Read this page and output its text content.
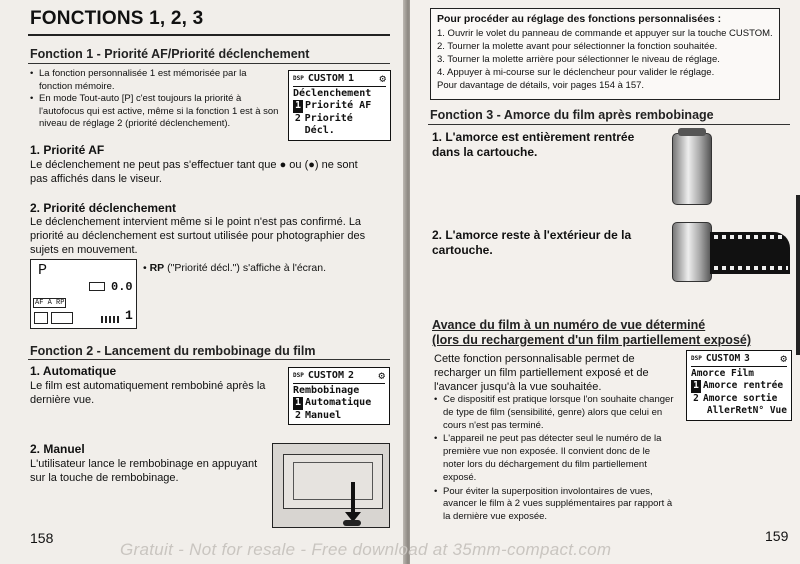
FONCTIONS 1, 2, 3
Fonction 1 - Priorité AF/Priorité déclenchement
• La fonction personnalisée 1 est mémorisée par la fonction mémoire.
• En mode Tout-auto [P] c'est toujours la priorité à l'autofocus qui est active, même si la fonction 1 est à son niveau de réglage 2 (priorité déclenchement).
DSP CUSTOM 1 ⚙
Déclenchement
1 Priorité AF
2 Priorité Décl.
1. Priorité AF
Le déclenchement ne peut pas s'effectuer tant que ● ou (●) ne sont pas affichés dans le viseur.
2. Priorité déclenchement
Le déclenchement intervient même si le point n'est pas confirmé. La priorité au déclenchement est surtout utilisée pour photographier des sujets en mouvement.
P
0.0
AF A RP
1
• RP ("Priorité décl.") s'affiche à l'écran.
Fonction 2 - Lancement du rembobinage du film
1. Automatique
Le film est automatiquement rembobiné après la dernière vue.
DSP CUSTOM 2 ⚙
Rembobinage
1 Automatique
2 Manuel
2. Manuel
L'utilisateur lance le rembobinage en appuyant sur la touche de rembobinage.
158
Pour procéder au réglage des fonctions personnalisées :
1. Ouvrir le volet du panneau de commande et appuyer sur la touche CUSTOM.
2. Tourner la molette avant pour sélectionner la fonction souhaitée.
3. Tourner la molette arrière pour sélectionner le niveau de réglage.
4. Appuyer à mi-course sur le déclencheur pour valider le réglage.
Pour davantage de détails, voir pages 154 à 157.
Fonction 3 - Amorce du film après rembobinage
1. L'amorce est entièrement rentrée dans la cartouche.
2. L'amorce reste à l'extérieur de la cartouche.
Avance du film à un numéro de vue déterminé
(lors du rechargement d'un film partiellement exposé)
Cette fonction personnalisable permet de recharger un film partiellement exposé et de l'avancer jusqu'à la vue souhaitée.
DSP CUSTOM 3	⚙
Amorce Film
1 Amorce rentrée
2 Amorce sortie
AllerRetN° Vue
• Ce dispositif est pratique lorsque l'on souhaite changer de type de film (sensibilité, genre) alors que celui en cours n'est pas terminé.
• L'appareil ne peut pas détecter seul le numéro de la première vue non exposée. Il convient donc de le noter lors du déchargement du film partiellement exposé.
• Pour éviter la superposition involontaires de vues, avancer le film à 2 vues supplémentaires par rapport à la dernière vue exposée.
159
Gratuit - Not for resale - Free download at 35mm-compact.com
